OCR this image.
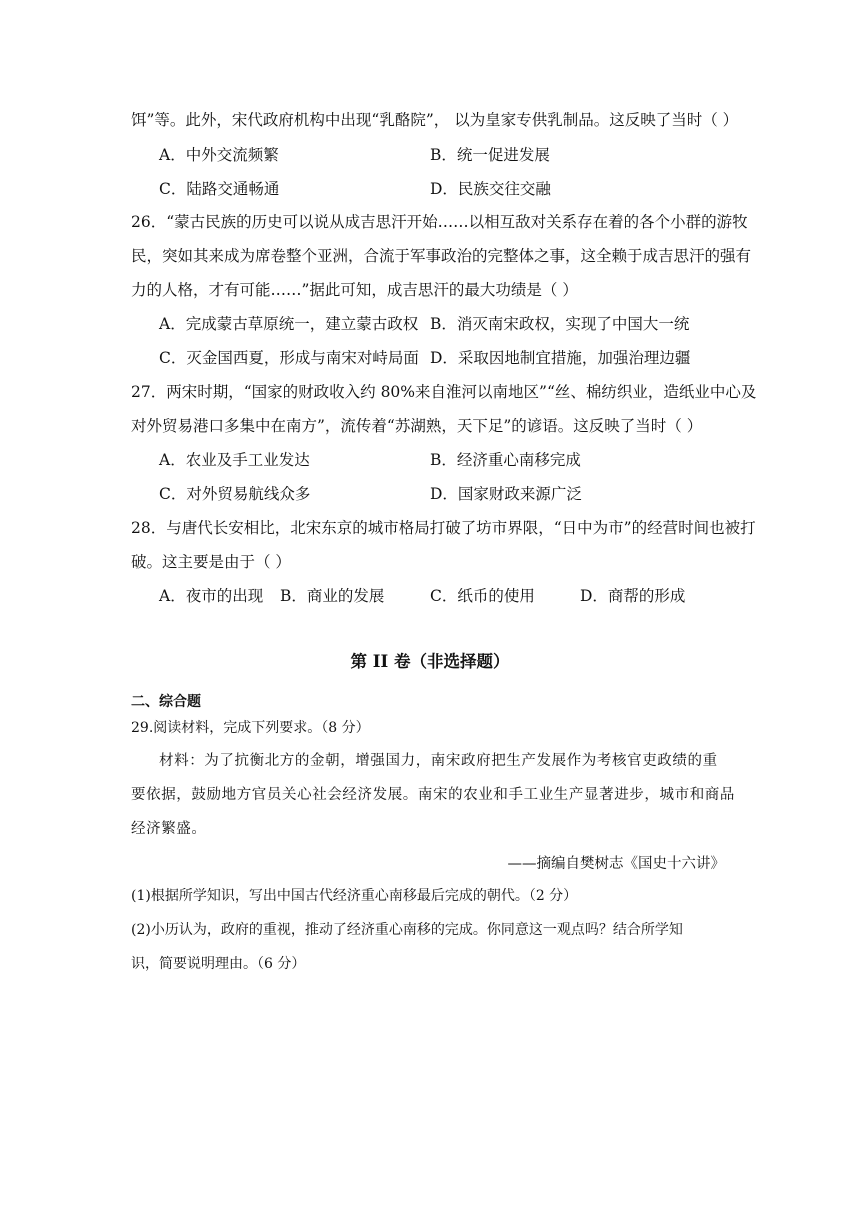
饵”等。此外，宋代政府机构中出现“乳酪院”， 以为皇家专供乳制品。这反映了当时（ ）
A．中外交流频繁	B．统一促进发展
C．陆路交通畅通	D．民族交往交融
26．“蒙古民族的历史可以说从成吉思汗开始……以相互敌对关系存在着的各个小群的游牧
民，突如其来成为席卷整个亚洲，合流于军事政治的完整体之事，这全赖于成吉思汗的强有
力的人格，才有可能……”据此可知，成吉思汗的最大功绩是（ ）
A．完成蒙古草原统一，建立蒙古政权 B．消灭南宋政权，实现了中国大一统
C．灭金国西夏，形成与南宋对峙局面 D．采取因地制宜措施，加强治理边疆
27．两宋时期，“国家的财政收入约 80%来自淮河以南地区”“丝、棉纺织业，造纸业中心及
对外贸易港口多集中在南方”，流传着“苏湖熟，天下足”的谚语。这反映了当时（ ）
A．农业及手工业发达	B．经济重心南移完成
C．对外贸易航线众多	D．国家财政来源广泛
28．与唐代长安相比，北宋东京的城市格局打破了坊市界限，“日中为市”的经营时间也被打
破。这主要是由于（ ）
A．夜市的出现 B．商业的发展	C．纸币的使用	D．商帮的形成
第 II 卷（非选择题）
二、综合题
29.阅读材料，完成下列要求。（8 分）
材料：为了抗衡北方的金朝，增强国力，南宋政府把生产发展作为考核官吏政绩的重
要依据，鼓励地方官员关心社会经济发展。南宋的农业和手工业生产显著进步，城市和商品
经济繁盛。
——摘编自樊树志《国史十六讲》
(1)根据所学知识，写出中国古代经济重心南移最后完成的朝代。（2 分）
(2)小历认为，政府的重视，推动了经济重心南移的完成。你同意这一观点吗？结合所学知
识，简要说明理由。（6 分）
